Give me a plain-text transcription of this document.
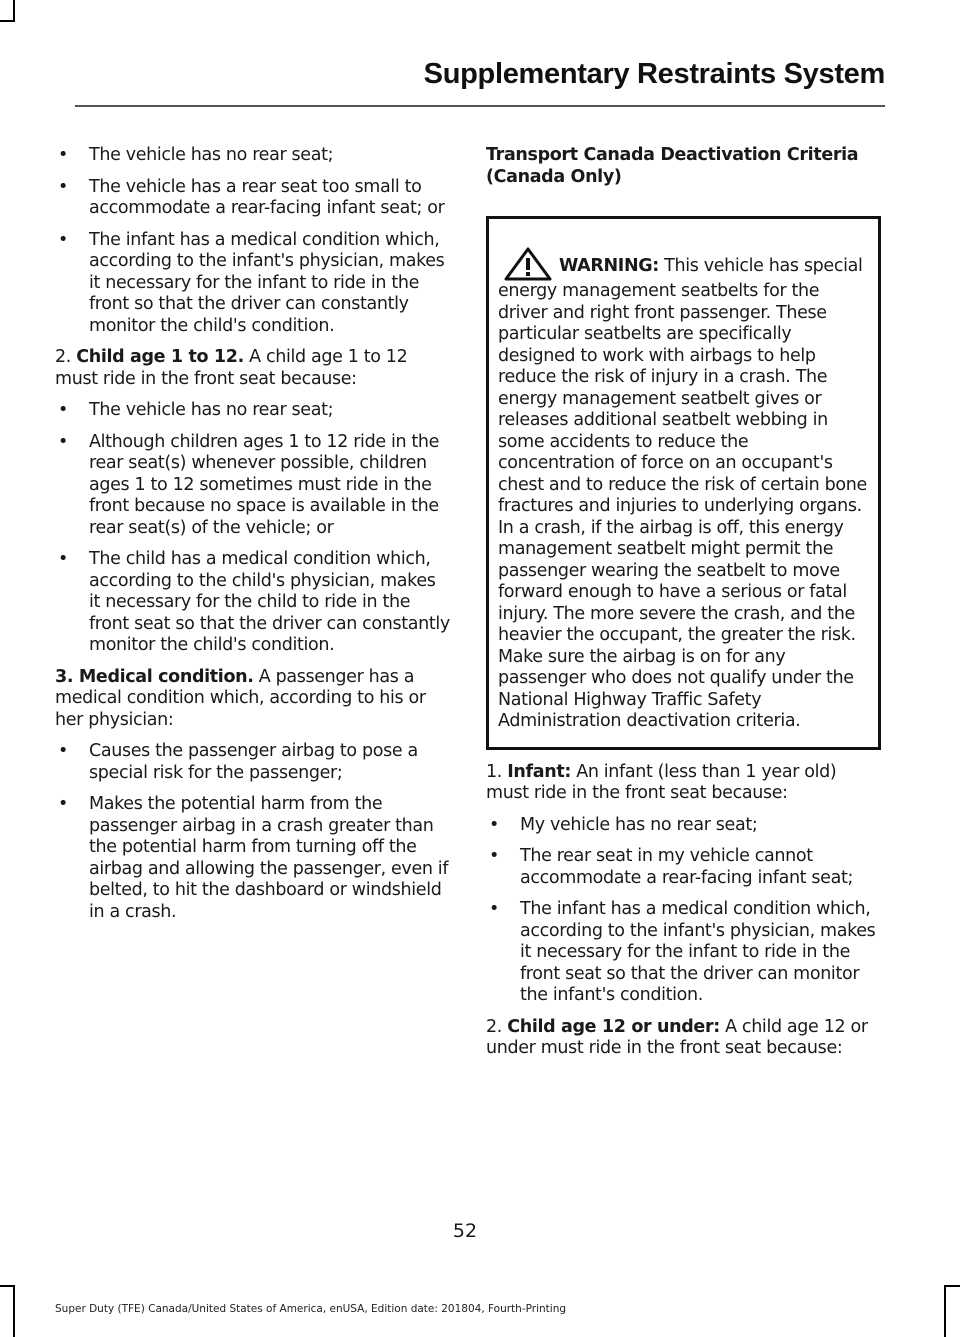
Supplementary Restraints System
• The vehicle has no rear seat;
• The vehicle has a rear seat too small to accommodate a rear-facing infant seat; or
• The infant has a medical condition which, according to the infant's physician, makes it necessary for the infant to ride in the front so that the driver can constantly monitor the child's condition.

2. Child age 1 to 12. A child age 1 to 12 must ride in the front seat because:

• The vehicle has no rear seat;
• Although children ages 1 to 12 ride in the rear seat(s) whenever possible, children ages 1 to 12 sometimes must ride in the front because no space is available in the rear seat(s) of the vehicle; or
• The child has a medical condition which, according to the child's physician, makes it necessary for the child to ride in the front seat so that the driver can constantly monitor the child's condition.

3. Medical condition. A passenger has a medical condition which, according to his or her physician:

• Causes the passenger airbag to pose a special risk for the passenger;
• Makes the potential harm from the passenger airbag in a crash greater than the potential harm from turning off the airbag and allowing the passenger, even if belted, to hit the dashboard or windshield in a crash.
Transport Canada Deactivation Criteria (Canada Only)
WARNING: This vehicle has special energy management seatbelts for the driver and right front passenger. These particular seatbelts are specifically designed to work with airbags to help reduce the risk of injury in a crash. The energy management seatbelt gives or releases additional seatbelt webbing in some accidents to reduce the concentration of force on an occupant's chest and to reduce the risk of certain bone fractures and injuries to underlying organs. In a crash, if the airbag is off, this energy management seatbelt might permit the passenger wearing the seatbelt to move forward enough to have a serious or fatal injury. The more severe the crash, and the heavier the occupant, the greater the risk. Make sure the airbag is on for any passenger who does not qualify under the National Highway Traffic Safety Administration deactivation criteria.

1. Infant: An infant (less than 1 year old) must ride in the front seat because:

• My vehicle has no rear seat;
• The rear seat in my vehicle cannot accommodate a rear-facing infant seat;
• The infant has a medical condition which, according to the infant's physician, makes it necessary for the infant to ride in the front seat so that the driver can monitor the infant's condition.

2. Child age 12 or under: A child age 12 or under must ride in the front seat because:

52
Super Duty (TFE) Canada/United States of America, enUSA, Edition date: 201804, Fourth-Printing
